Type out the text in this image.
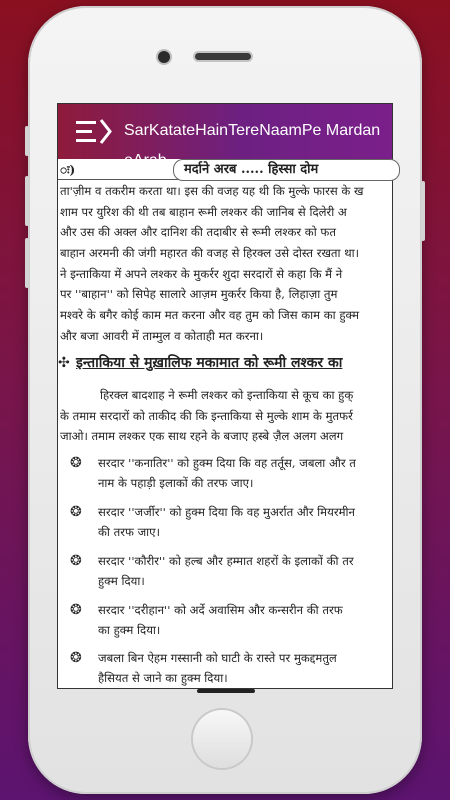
SarKatateHainTereNaamPe Mardan
ः)	मर्दाने अरब ..... हिस्सा दोम
ता'ज़ीम व तकरीम करता था। इस की वजह यह थी कि मुल्के फारस के ख
शाम पर युरिश की थी तब बाहान रूमी लश्कर की जानिब से दिलेरी अ
और उस की अक्ल और दानिश की तदाबीर से रूमी लश्कर को फत
बाहान अरमनी की जंगी महारत की वजह से हिरक्ल उसे दोस्त रखता था।
ने इन्ताकिया में अपने लश्कर के मुकर्रर शुदा सरदारों से कहा कि मैं ने
पर ''बाहान'' को सिपेह सालारे आज़म मुकर्रर किया है, लिहाज़ा तुम
मश्वरे के बगैर कोई काम मत करना और वह तुम को जिस काम का हुक्म
और बजा आवरी में ताम्मुल व कोताही मत करना।
✣ इन्ताकिया से मुख़ालिफ मकामात को रूमी लश्कर का
हिरक्ल बादशाह ने रूमी लश्कर को इन्ताकिया से कूच का हुक्
के तमाम सरदारों को ताकीद की कि इन्ताकिया से मुल्के शाम के मुतफर्र
जाओ। तमाम लश्कर एक साथ रहने के बजाए हस्बे ज़ैल अलग अलग
❂ सरदार ''कनातिर'' को हुक्म दिया कि वह तर्तूस, जबला और त
नाम के पहाड़ी इलाकों की तरफ जाए।
❂ सरदार ''जर्जीर'' को हुक्म दिया कि वह मुअर्रात और मियरमीन
की तरफ जाए।
❂ सरदार ''कौरीर'' को हल्ब और हम्मात शहरों के इलाकों की तर
हुक्म दिया।
❂ सरदार ''दरीहान'' को अर्दे अवासिम और कन्सरीन की तरफ
का हुक्म दिया।
❂ जबला बिन ऐहम गस्सानी को घाटी के रास्ते पर मुकद्दमतुल
हैसियत से जाने का हुक्म दिया।
